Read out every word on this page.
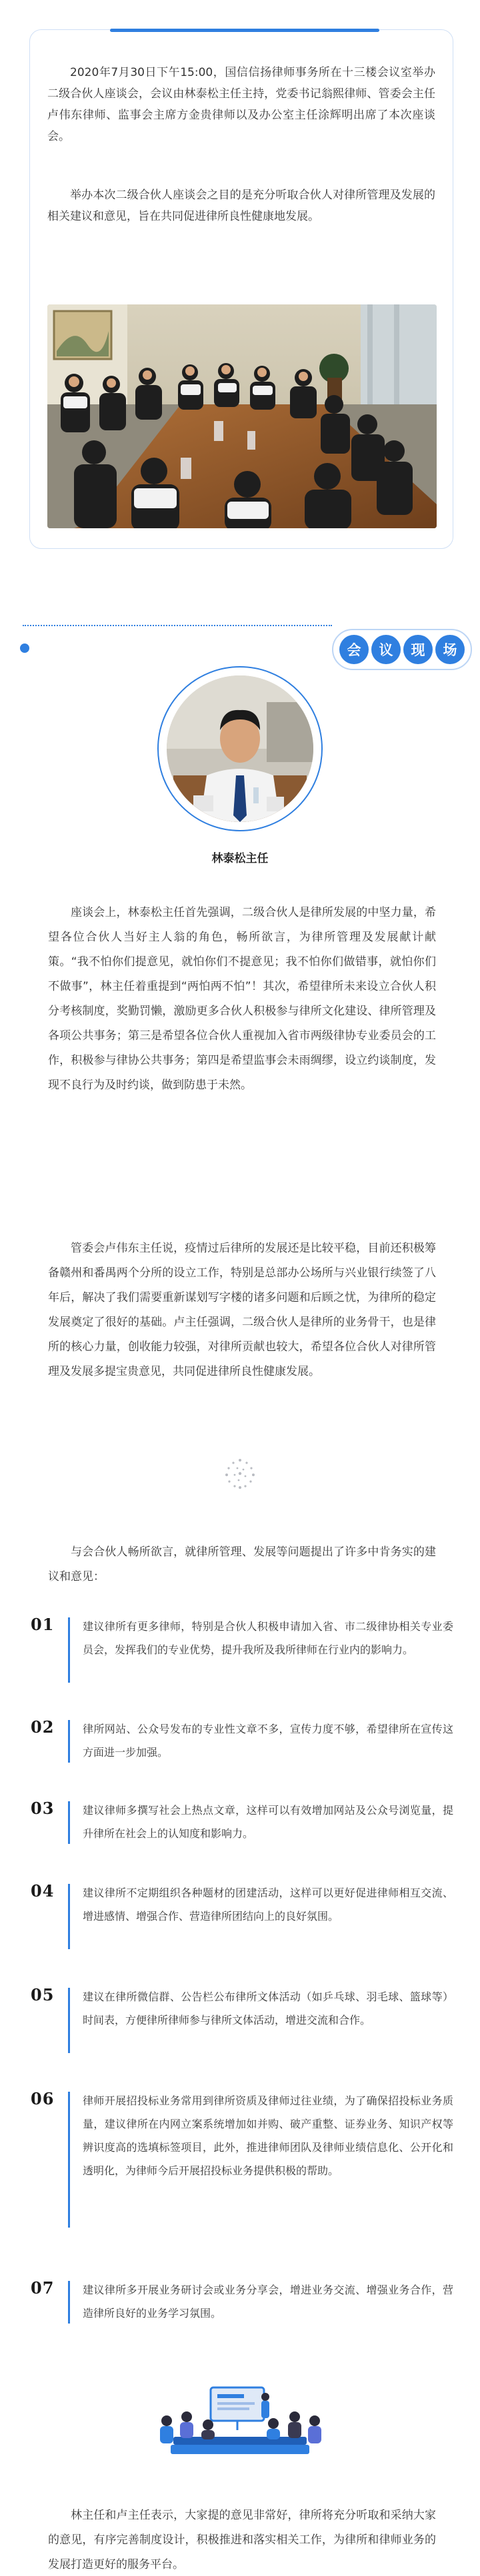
2020年7月30日下午15:00，国信信扬律师事务所在十三楼会议室举办二级合伙人座谈会，会议由林泰松主任主持，党委书记翁熙律师、管委会主任卢伟东律师、监事会主席方金贵律师以及办公室主任涂辉明出席了本次座谈会。

举办本次二级合伙人座谈会之目的是充分听取合伙人对律所管理及发展的相关建议和意见，旨在共同促进律所良性健康地发展。

会	议	现	场
林泰松主任

座谈会上，林泰松主任首先强调，二级合伙人是律所发展的中坚力量，希望各位合伙人当好主人翁的角色，畅所欲言，为律所管理及发展献计献策。“我不怕你们提意见，就怕你们不提意见；我不怕你们做错事，就怕你们不做事”，林主任着重提到“两怕两不怕”！其次，希望律所未来设立合伙人积分考核制度，奖勤罚懒，激励更多合伙人积极参与律所文化建设、律所管理及各项公共事务；第三是希望各位合伙人重视加入省市两级律协专业委员会的工作，积极参与律协公共事务；第四是希望监事会未雨绸缪，设立约谈制度，发现不良行为及时约谈，做到防患于未然。

管委会卢伟东主任说，疫情过后律所的发展还是比较平稳，目前还积极筹备赣州和番禺两个分所的设立工作，特别是总部办公场所与兴业银行续签了八年后，解决了我们需要重新谋划写字楼的诸多问题和后顾之忧，为律所的稳定发展奠定了很好的基础。卢主任强调，二级合伙人是律所的业务骨干，也是律所的核心力量，创收能力较强，对律所贡献也较大，希望各位合伙人对律所管理及发展多提宝贵意见，共同促进律所良性健康发展。

与会合伙人畅所欲言，就律所管理、发展等问题提出了许多中肯务实的建议和意见：

01	建议律所有更多律师，特别是合伙人积极申请加入省、市二级律协相关专业委员会，发挥我们的专业优势，提升我所及我所律师在行业内的影响力。

02	律所网站、公众号发布的专业性文章不多，宣传力度不够，希望律所在宣传这方面进一步加强。

03	建议律师多撰写社会上热点文章，这样可以有效增加网站及公众号浏览量，提升律所在社会上的认知度和影响力。

04	建议律所不定期组织各种题材的团建活动，这样可以更好促进律师相互交流、增进感情、增强合作、营造律所团结向上的良好氛围。

05	建议在律所微信群、公告栏公布律所文体活动（如乒乓球、羽毛球、篮球等）时间表，方便律所律师参与律所文体活动，增进交流和合作。

06	律师开展招投标业务常用到律所资质及律师过往业绩，为了确保招投标业务质量，建议律所在内网立案系统增加如并购、破产重整、证券业务、知识产权等辨识度高的选填标签项目，此外，推进律师团队及律师业绩信息化、公开化和透明化，为律师今后开展招投标业务提供积极的帮助。

07	建议律所多开展业务研讨会或业务分享会，增进业务交流、增强业务合作，营造律所良好的业务学习氛围。

林主任和卢主任表示，大家提的意见非常好，律所将充分听取和采纳大家的意见，有序完善制度设计，积极推进和落实相关工作，为律所和律师业务的发展打造更好的服务平台。
